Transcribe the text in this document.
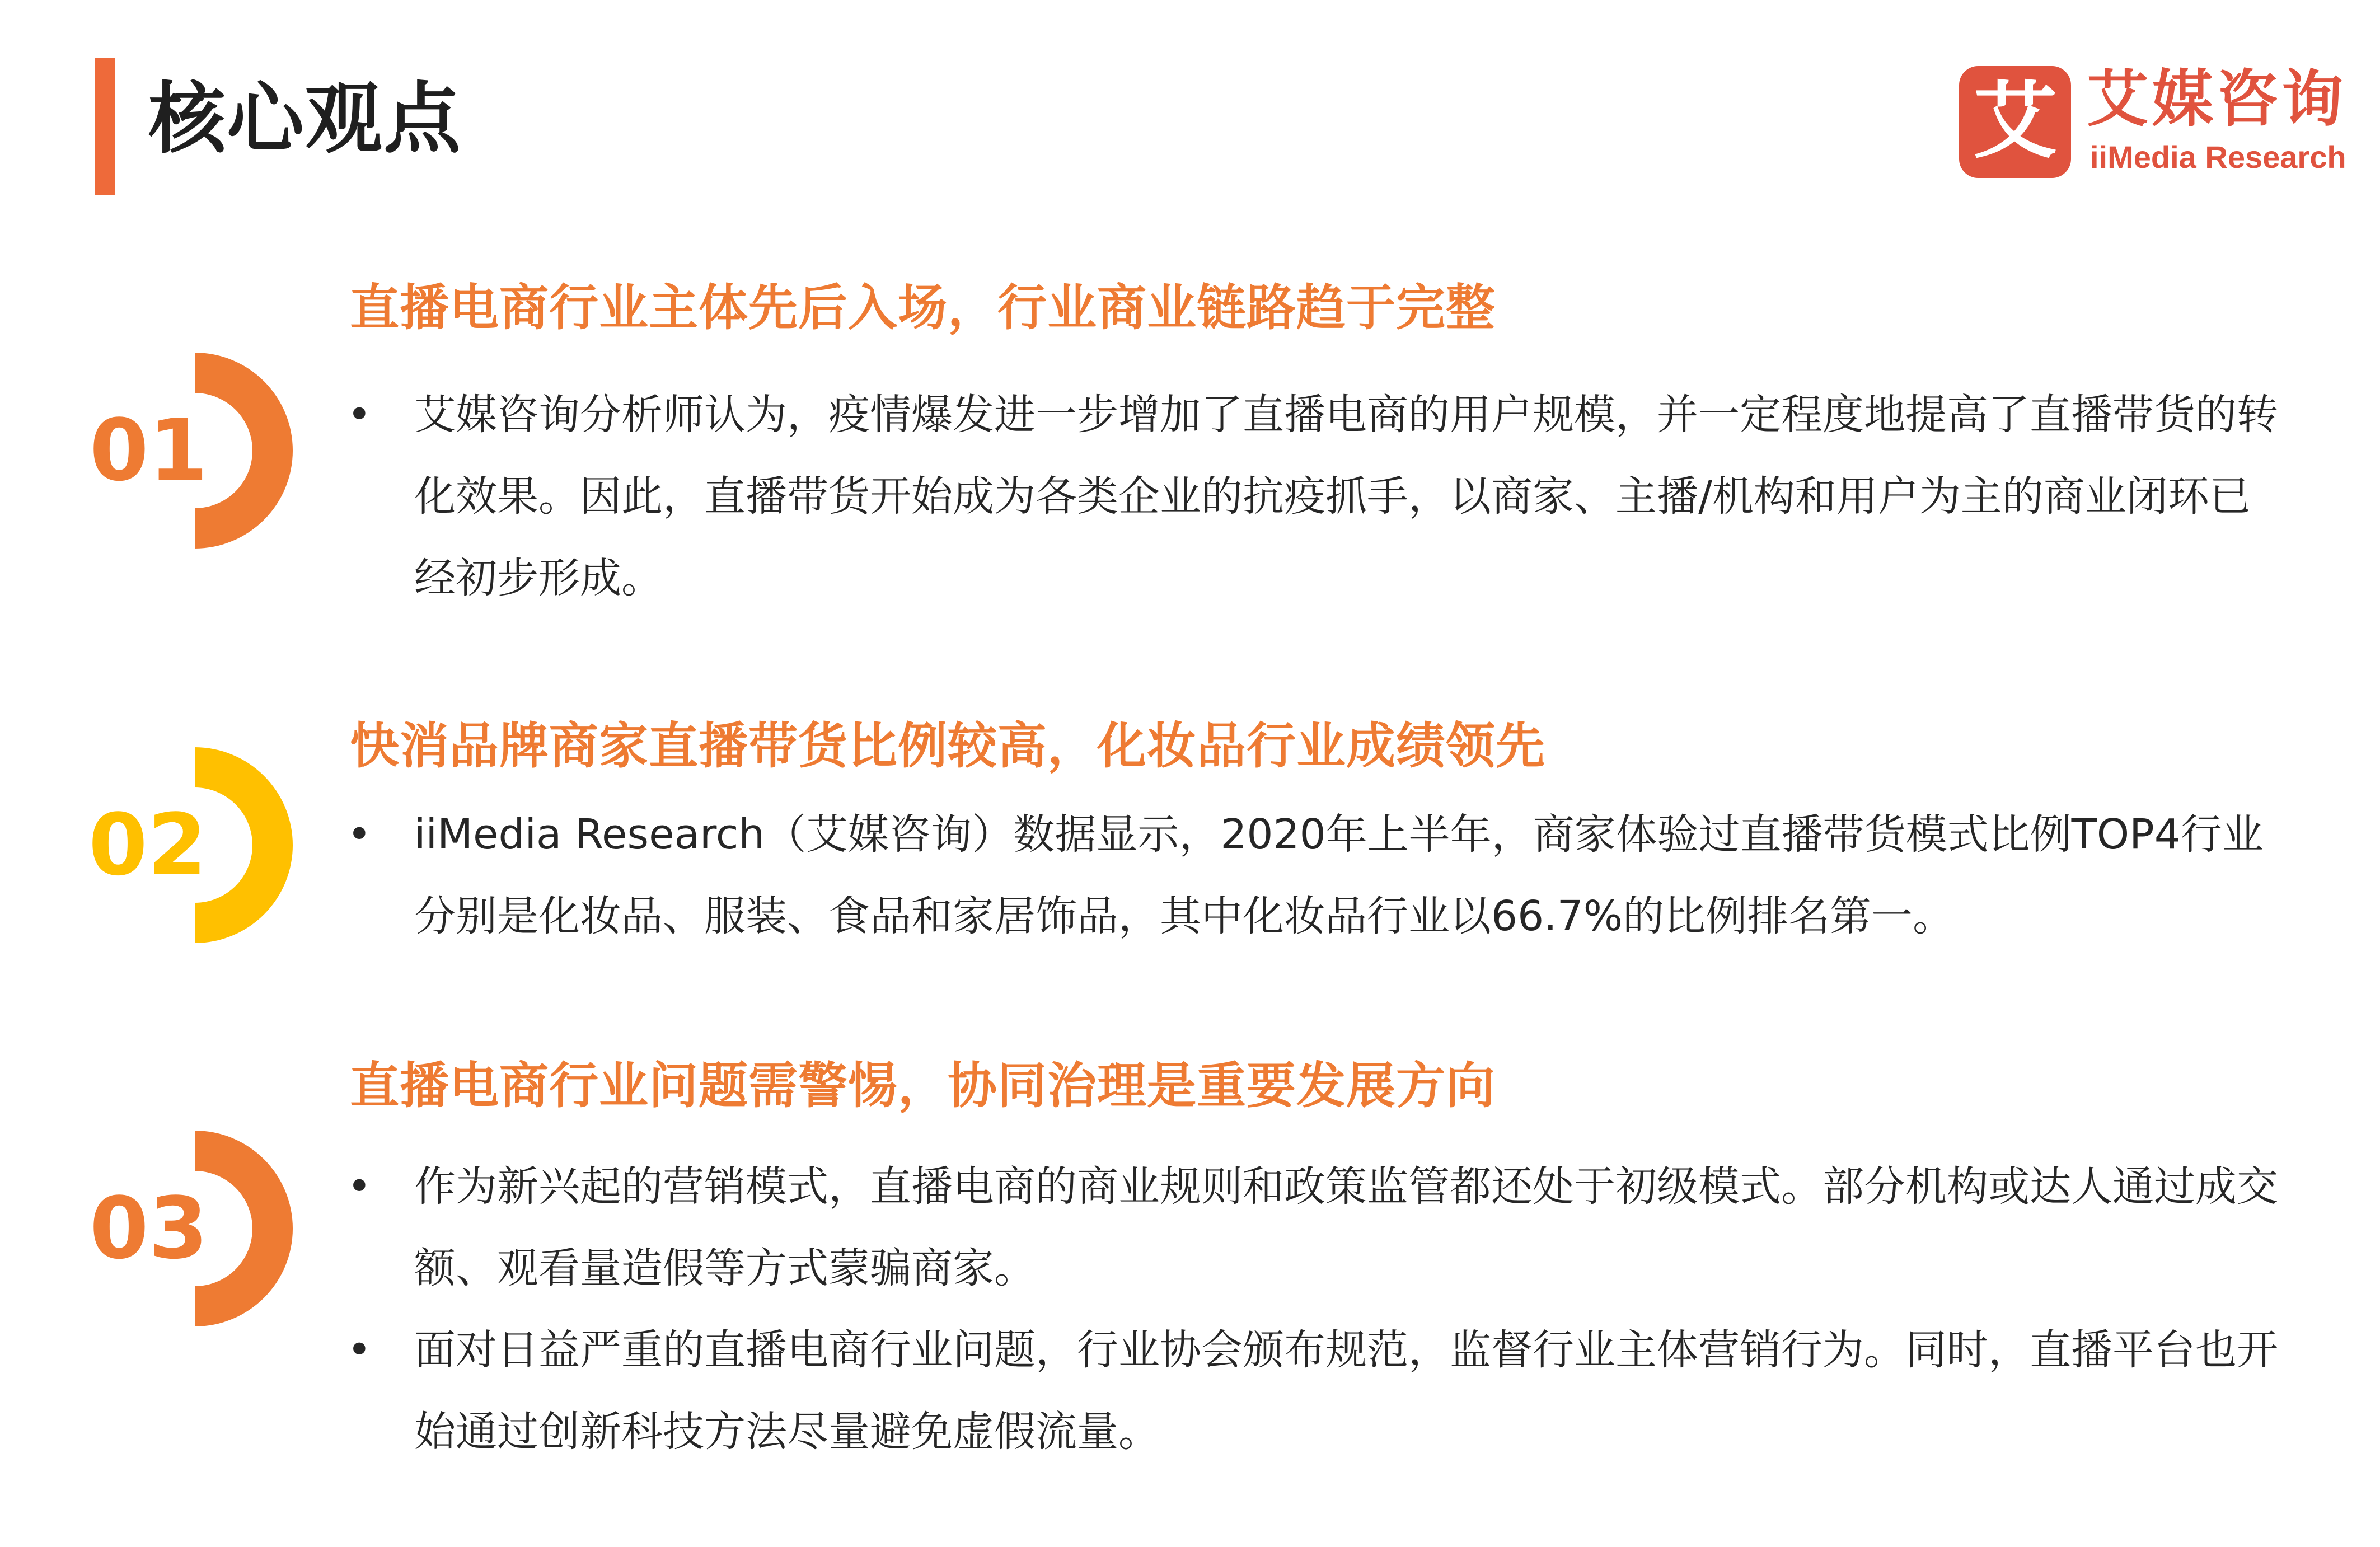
核心观点	艾 艾媒咨询
iiMedia Research
直播电商行业主体先后入场，行业商业链路趋于完整
01	• 艾媒咨询分析师认为，疫情爆发进一步增加了直播电商的用户规模，并一定程度地提高了直播带货的转化效果。因此，直播带货开始成为各类企业的抗疫抓手，以商家、主播/机构和用户为主的商业闭环已经初步形成。
快消品牌商家直播带货比例较高，化妆品行业成绩领先
02	• iiMedia Research（艾媒咨询）数据显示，2020年上半年，商家体验过直播带货模式比例TOP4行业分别是化妆品、服装、食品和家居饰品，其中化妆品行业以66.7%的比例排名第一。
直播电商行业问题需警惕，协同治理是重要发展方向
03	• 作为新兴起的营销模式，直播电商的商业规则和政策监管都还处于初级模式。部分机构或达人通过成交额、观看量造假等方式蒙骗商家。
• 面对日益严重的直播电商行业问题，行业协会颁布规范，监督行业主体营销行为。同时，直播平台也开始通过创新科技方法尽量避免虚假流量。
